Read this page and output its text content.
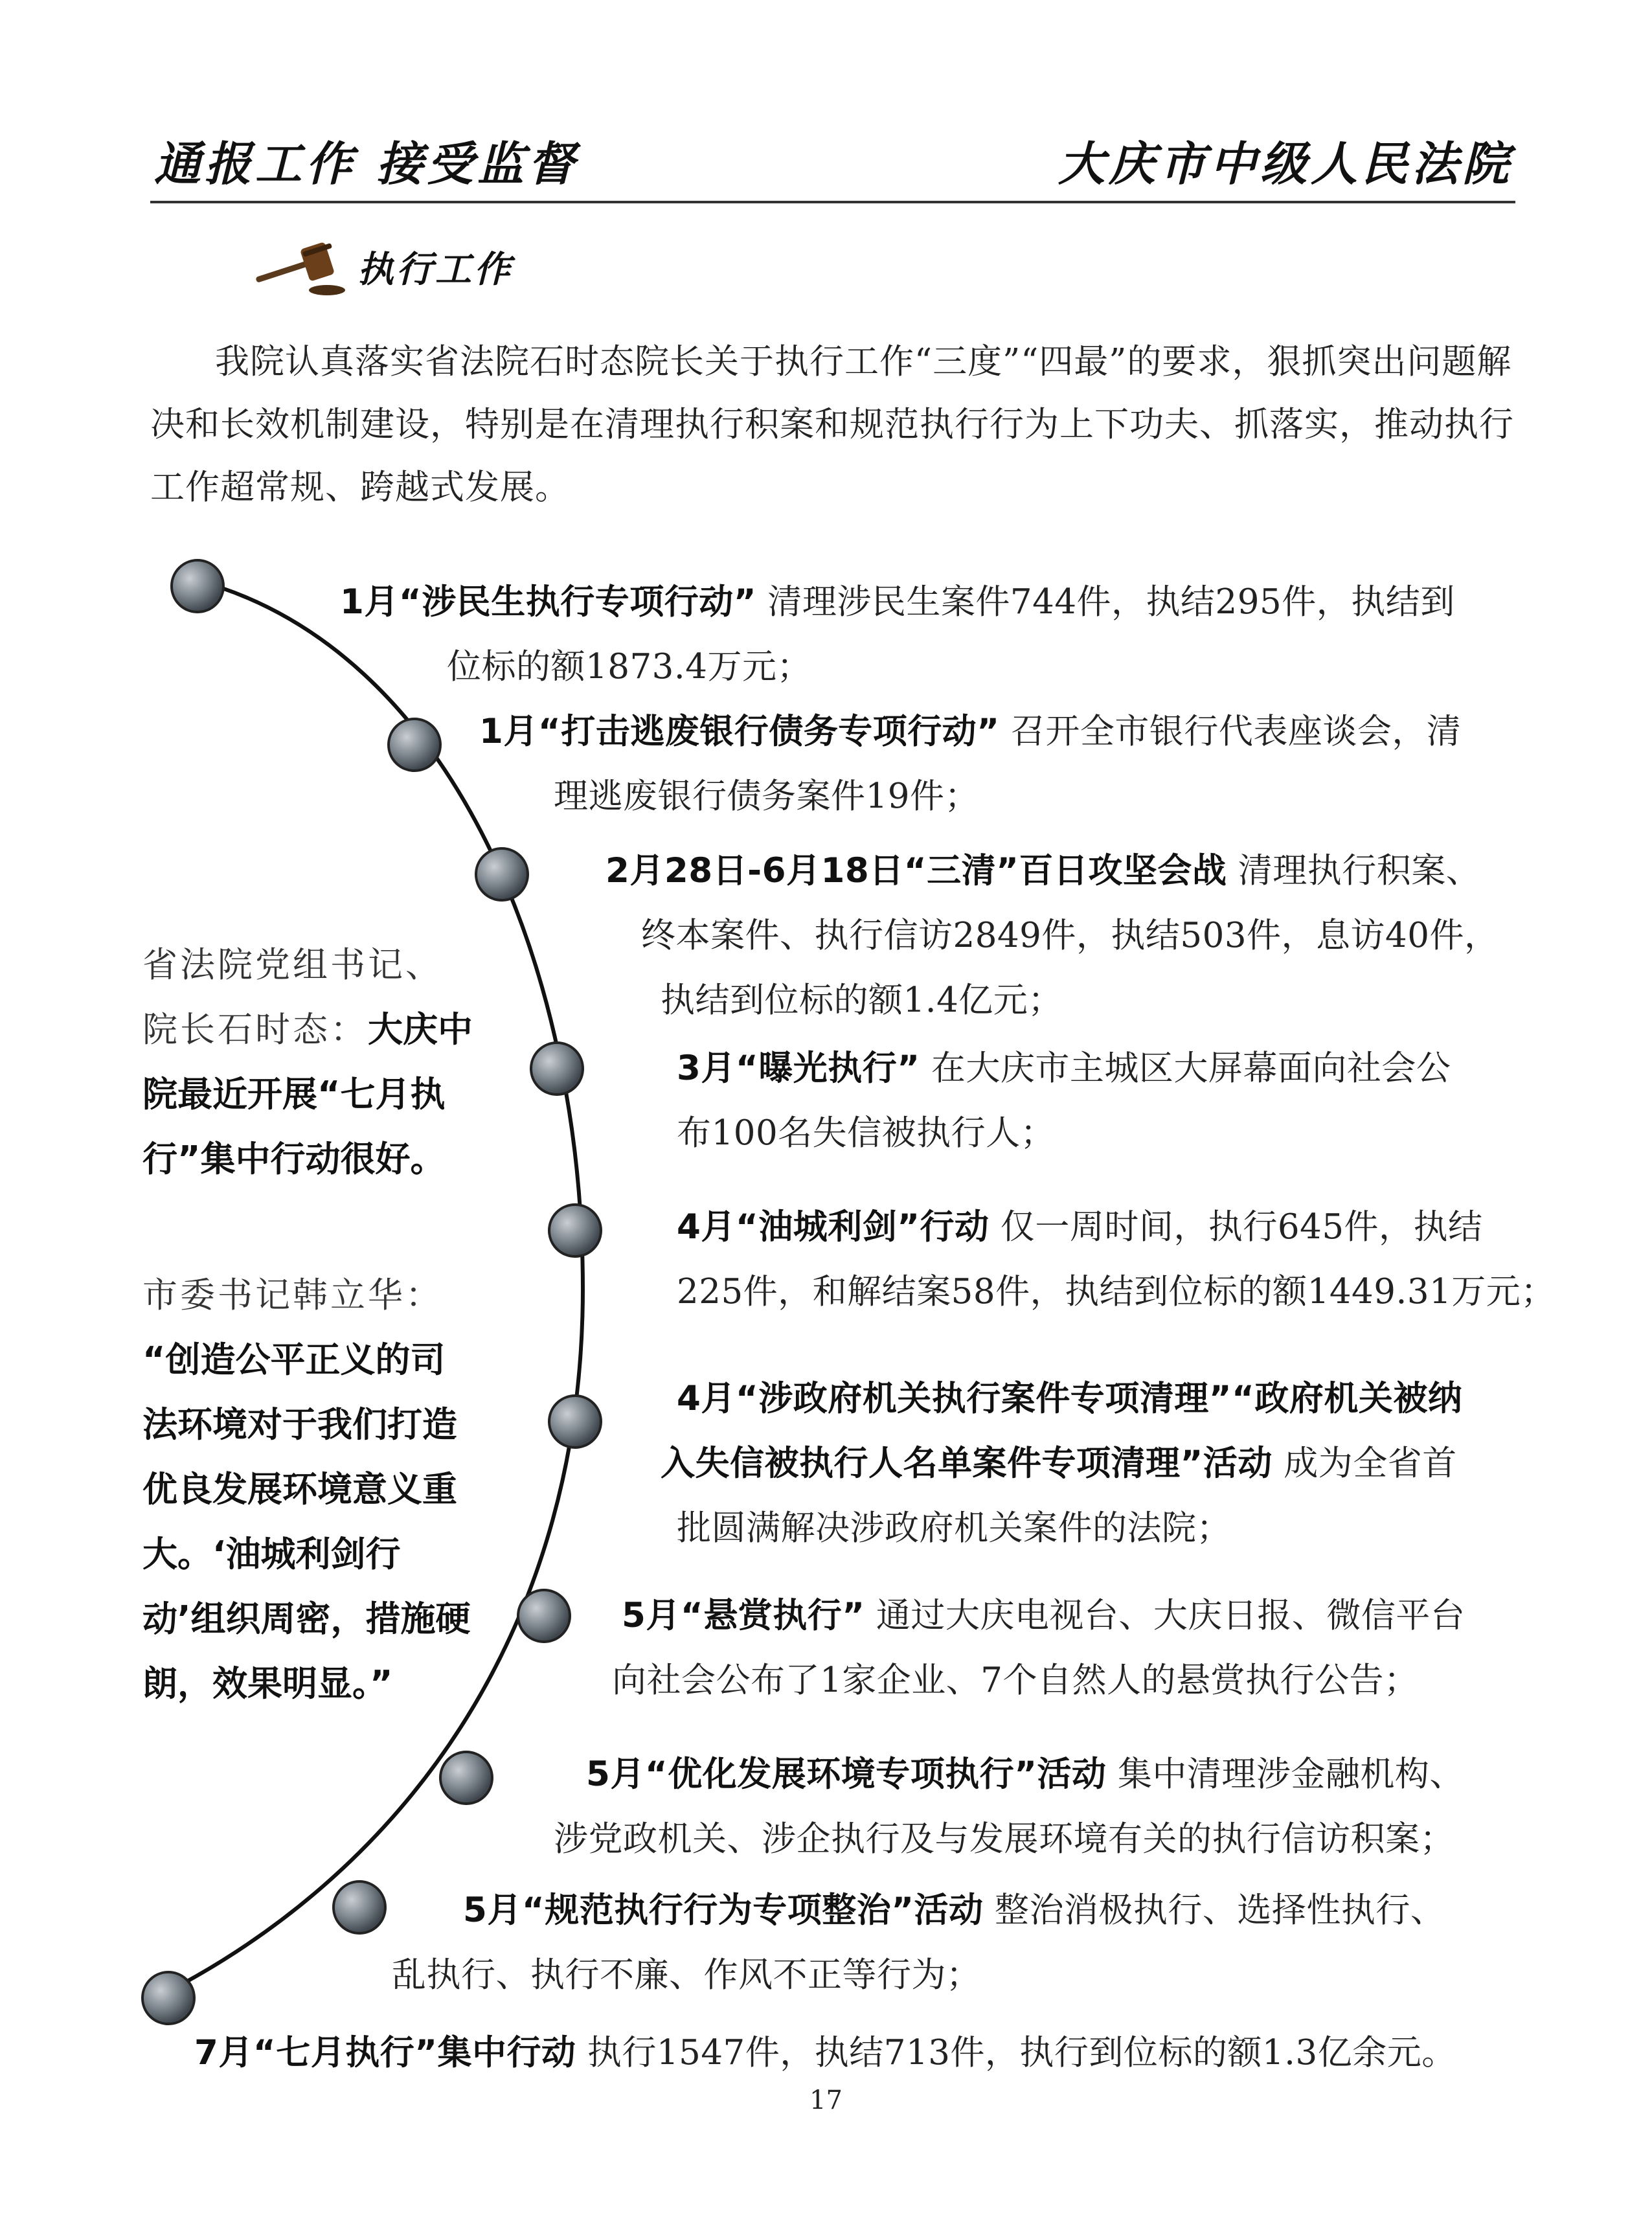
通报工作 接受监督	大庆市中级人民法院
执行工作
我院认真落实省法院石时态院长关于执行工作“三度”“四最”的要求，狠抓突出问题解决和长效机制建设，特别是在清理执行积案和规范执行行为上下功夫、抓落实，推动执行工作超常规、跨越式发展。
1月“涉民生执行专项行动” 清理涉民生案件744件，执结295件，执结到
位标的额1873.4万元；
1月“打击逃废银行债务专项行动” 召开全市银行代表座谈会，清
理逃废银行债务案件19件；
2月28日-6月18日“三清”百日攻坚会战 清理执行积案、
终本案件、执行信访2849件，执结503件，息访40件，
执结到位标的额1.4亿元；
3月“曝光执行” 在大庆市主城区大屏幕面向社会公
布100名失信被执行人；
4月“油城利剑”行动 仅一周时间，执行645件，执结
225件，和解结案58件，执结到位标的额1449.31万元；
4月“涉政府机关执行案件专项清理”“政府机关被纳
入失信被执行人名单案件专项清理”活动 成为全省首
批圆满解决涉政府机关案件的法院；
5月“悬赏执行” 通过大庆电视台、大庆日报、微信平台
向社会公布了1家企业、7个自然人的悬赏执行公告；
5月“优化发展环境专项执行”活动 集中清理涉金融机构、
涉党政机关、涉企执行及与发展环境有关的执行信访积案；
5月“规范执行行为专项整治”活动 整治消极执行、选择性执行、
乱执行、执行不廉、作风不正等行为；
7月“七月执行”集中行动 执行1547件，执结713件，执行到位标的额1.3亿余元。
省法院党组书记、院长石时态：大庆中院最近开展“七月执行”集中行动很好。
市委书记韩立华：
“创造公平正义的司法环境对于我们打造优良发展环境意义重大。‘油城利剑行动’组织周密，措施硬朗，效果明显。”
17
